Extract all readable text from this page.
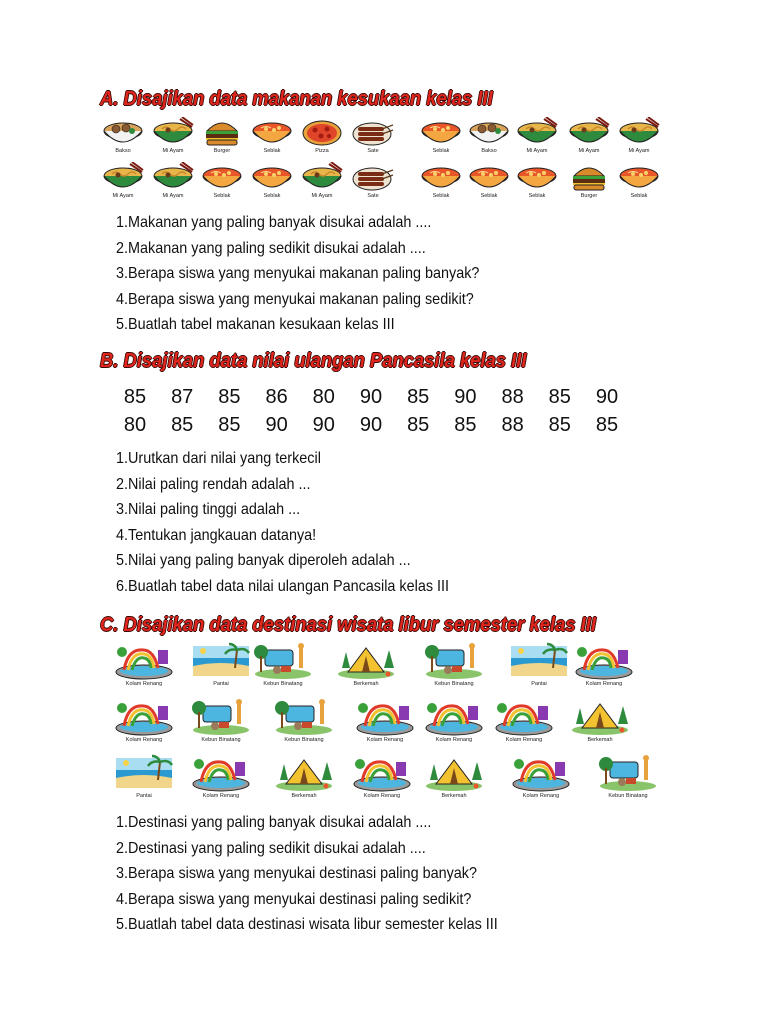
A. Disajikan data makanan kesukaan kelas III
Bakso	Mi Ayam	Burger	Seblak	Pizza	Sate	Seblak	Bakso	Mi Ayam	Mi Ayam	Mi Ayam
Mi Ayam	Mi Ayam	Seblak	Seblak	Mi Ayam	Sate	Seblak	Seblak	Seblak	Burger	Seblak
1.Makanan yang paling banyak disukai adalah ....
2.Makanan yang paling sedikit disukai adalah ....
3.Berapa siswa yang menyukai makanan paling banyak?
4.Berapa siswa yang menyukai makanan paling sedikit?
5.Buatlah tabel makanan kesukaan kelas III
B. Disajikan data nilai ulangan Pancasila kelas III
85 87 85 86 80 90 85 90 88 85 90
80 85 85 90 90 90 85 85 88 85 85
1.Urutkan dari nilai yang terkecil
2.Nilai paling rendah adalah ...
3.Nilai paling tinggi adalah ...
4.Tentukan jangkauan datanya!
5.Nilai yang paling banyak diperoleh adalah ...
6.Buatlah tabel data nilai ulangan Pancasila kelas III
C. Disajikan data destinasi wisata libur semester kelas III
Kolam Renang	Pantai	Kebun Binatang	Berkemah	Kebun Binatang	Pantai	Kolam Renang
Kolam Renang	Kebun Binatang	Kebun Binatang	Kolam Renang	Kolam Renang	Kolam Renang	Berkemah
Pantai	Kolam Renang	Berkemah	Kolam Renang	Berkemah	Kolam Renang	Kebun Binatang
1.Destinasi yang paling banyak disukai adalah ....
2.Destinasi yang paling sedikit disukai adalah ....
3.Berapa siswa yang menyukai destinasi paling banyak?
4.Berapa siswa yang menyukai destinasi paling sedikit?
5.Buatlah tabel data destinasi wisata libur semester kelas III
